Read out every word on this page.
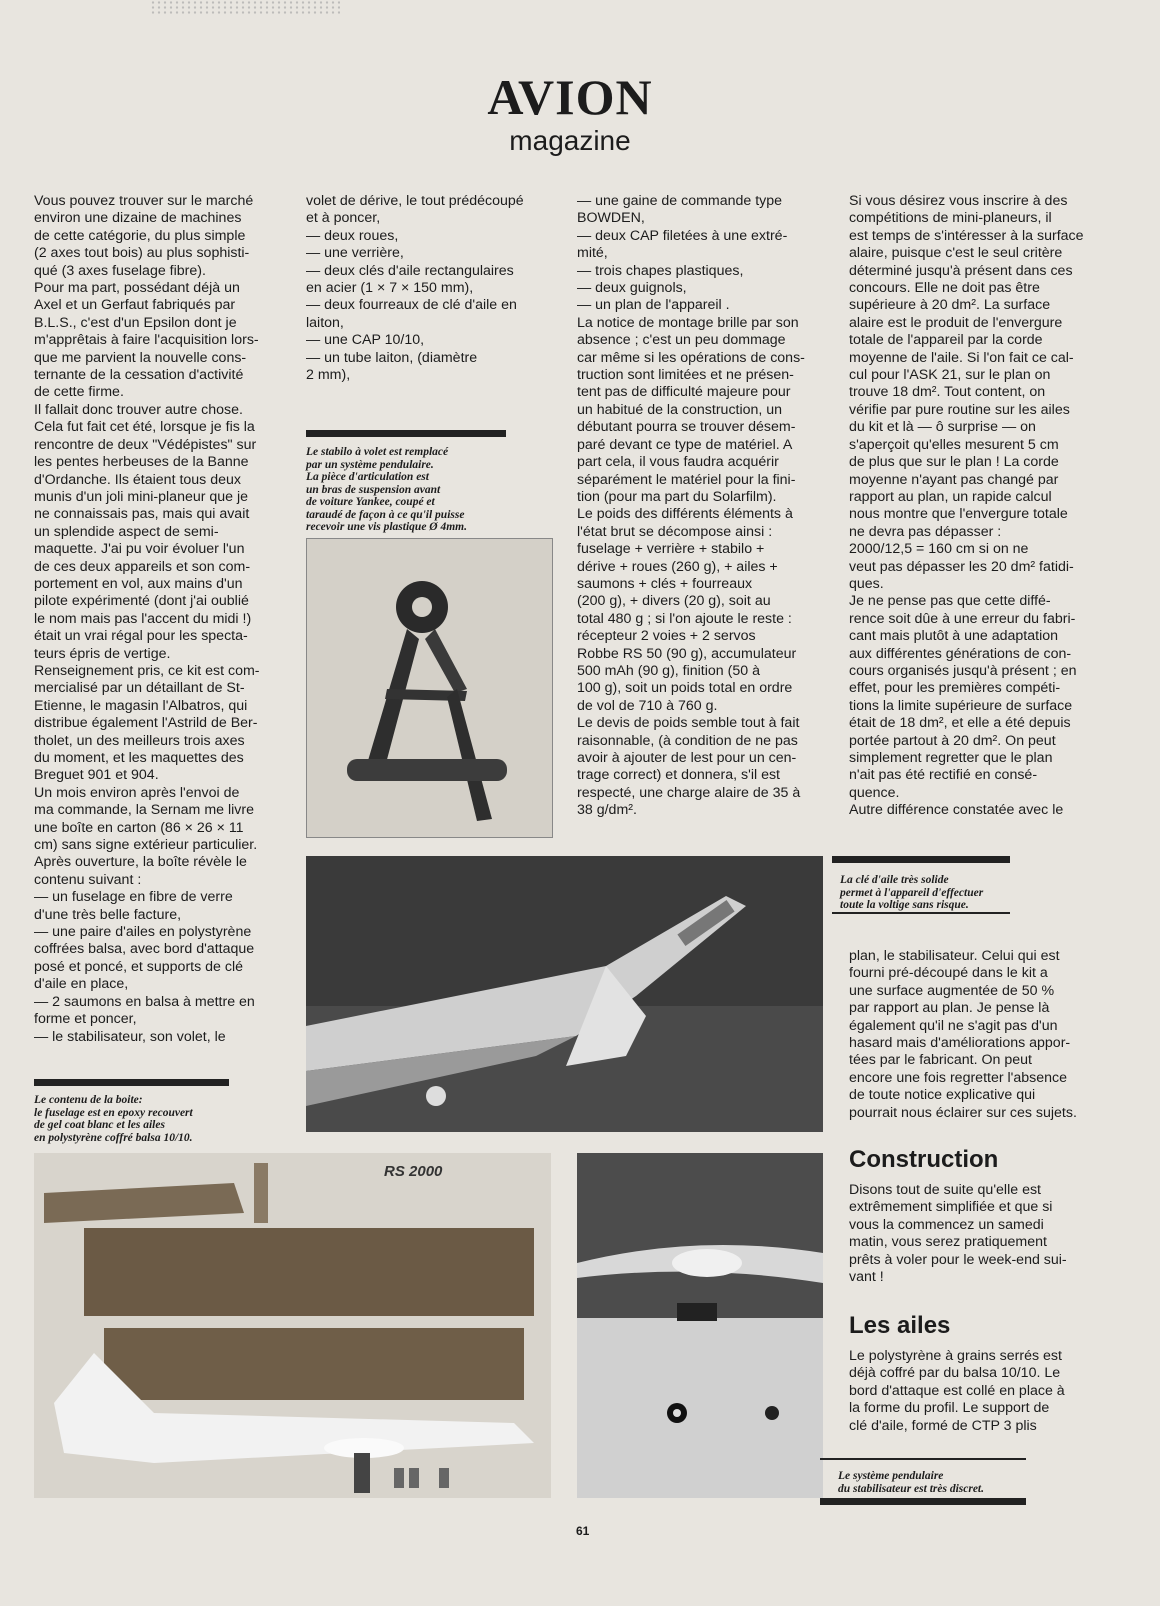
AVION
magazine
Vous pouvez trouver sur le marché
environ une dizaine de machines
de cette catégorie, du plus simple
(2 axes tout bois) au plus sophisti-
qué (3 axes fuselage fibre).
Pour ma part, possédant déjà un
Axel et un Gerfaut fabriqués par
B.L.S., c'est d'un Epsilon dont je
m'apprêtais à faire l'acquisition lors-
que me parvient la nouvelle cons-
ternante de la cessation d'activité
de cette firme.
Il fallait donc trouver autre chose.
Cela fut fait cet été, lorsque je fis la
rencontre de deux "Védépistes" sur
les pentes herbeuses de la Banne
d'Ordanche. Ils étaient tous deux
munis d'un joli mini-planeur que je
ne connaissais pas, mais qui avait
un splendide aspect de semi-
maquette. J'ai pu voir évoluer l'un
de ces deux appareils et son com-
portement en vol, aux mains d'un
pilote expérimenté (dont j'ai oublié
le nom mais pas l'accent du midi !)
était un vrai régal pour les specta-
teurs épris de vertige.
Renseignement pris, ce kit est com-
mercialisé par un détaillant de St-
Etienne, le magasin l'Albatros, qui
distribue également l'Astrild de Ber-
tholet, un des meilleurs trois axes
du moment, et les maquettes des
Breguet 901 et 904.
Un mois environ après l'envoi de
ma commande, la Sernam me livre
une boîte en carton (86 × 26 × 11
cm) sans signe extérieur particulier.
Après ouverture, la boîte révèle le
contenu suivant :
— un fuselage en fibre de verre
d'une très belle facture,
— une paire d'ailes en polystyrène
coffrées balsa, avec bord d'attaque
posé et poncé, et supports de clé
d'aile en place,
— 2 saumons en balsa à mettre en
forme et poncer,
— le stabilisateur, son volet, le
volet de dérive, le tout prédécoupé
et à poncer,
— deux roues,
— une verrière,
— deux clés d'aile rectangulaires
en acier (1 × 7 × 150 mm),
— deux fourreaux de clé d'aile en
laiton,
— une CAP 10/10,
— un tube laiton, (diamètre
2 mm),
— une gaine de commande type
BOWDEN,
— deux CAP filetées à une extré-
mité,
— trois chapes plastiques,
— deux guignols,
— un plan de l'appareil .
La notice de montage brille par son
absence ; c'est un peu dommage
car même si les opérations de cons-
truction sont limitées et ne présen-
tent pas de difficulté majeure pour
un habitué de la construction, un
débutant pourra se trouver désem-
paré devant ce type de matériel. A
part cela, il vous faudra acquérir
séparément le matériel pour la fini-
tion (pour ma part du Solarfilm).
Le poids des différents éléments à
l'état brut se décompose ainsi :
fuselage + verrière + stabilo +
dérive + roues (260 g), + ailes +
saumons + clés + fourreaux
(200 g), + divers (20 g), soit au
total 480 g ; si l'on ajoute le reste :
récepteur 2 voies + 2 servos
Robbe RS 50 (90 g), accumulateur
500 mAh (90 g), finition (50 à
100 g), soit un poids total en ordre
de vol de 710 à 760 g.
Le devis de poids semble tout à fait
raisonnable, (à condition de ne pas
avoir à ajouter de lest pour un cen-
trage correct) et donnera, s'il est
respecté, une charge alaire de 35 à
38 g/dm².
Si vous désirez vous inscrire à des
compétitions de mini-planeurs, il
est temps de s'intéresser à la surface
alaire, puisque c'est le seul critère
déterminé jusqu'à présent dans ces
concours. Elle ne doit pas être
supérieure à 20 dm². La surface
alaire est le produit de l'envergure
totale de l'appareil par la corde
moyenne de l'aile. Si l'on fait ce cal-
cul pour l'ASK 21, sur le plan on
trouve 18 dm². Tout content, on
vérifie par pure routine sur les ailes
du kit et là — ô surprise — on
s'aperçoit qu'elles mesurent 5 cm
de plus que sur le plan ! La corde
moyenne n'ayant pas changé par
rapport au plan, un rapide calcul
nous montre que l'envergure totale
ne devra pas dépasser :
2000/12,5 = 160 cm si on ne
veut pas dépasser les 20 dm² fatidi-
ques.
Je ne pense pas que cette diffé-
rence soit dûe à une erreur du fabri-
cant mais plutôt à une adaptation
aux différentes générations de con-
cours organisés jusqu'à présent ; en
effet, pour les premières compéti-
tions la limite supérieure de surface
était de 18 dm², et elle a été depuis
portée partout à 20 dm². On peut
simplement regretter que le plan
n'ait pas été rectifié en consé-
quence.
Autre différence constatée avec le
Le stabilo à volet est remplacé
par un système pendulaire.
La pièce d'articulation est
un bras de suspension avant
de voiture Yankee, coupé et
taraudé de façon à ce qu'il puisse
recevoir une vis plastique Ø 4mm.
La clé d'aile très solide
permet à l'appareil d'effectuer
toute la voltige sans risque.
plan, le stabilisateur. Celui qui est
fourni pré-découpé dans le kit a
une surface augmentée de 50 %
par rapport au plan. Je pense là
également qu'il ne s'agit pas d'un
hasard mais d'améliorations appor-
tées par le fabricant. On peut
encore une fois regretter l'absence
de toute notice explicative qui
pourrait nous éclairer sur ces sujets.
Le contenu de la boite:
le fuselage est en epoxy recouvert
de gel coat blanc et les ailes
en polystyrène coffré balsa 10/10.
RS 2000	Construction
Disons tout de suite qu'elle est
extrêmement simplifiée et que si
vous la commencez un samedi
matin, vous serez pratiquement
prêts à voler pour le week-end sui-
vant !
Les ailes
Le polystyrène à grains serrés est
déjà coffré par du balsa 10/10. Le
bord d'attaque est collé en place à
la forme du profil. Le support de
clé d'aile, formé de CTP 3 plis
Le système pendulaire
du stabilisateur est très discret.
61
